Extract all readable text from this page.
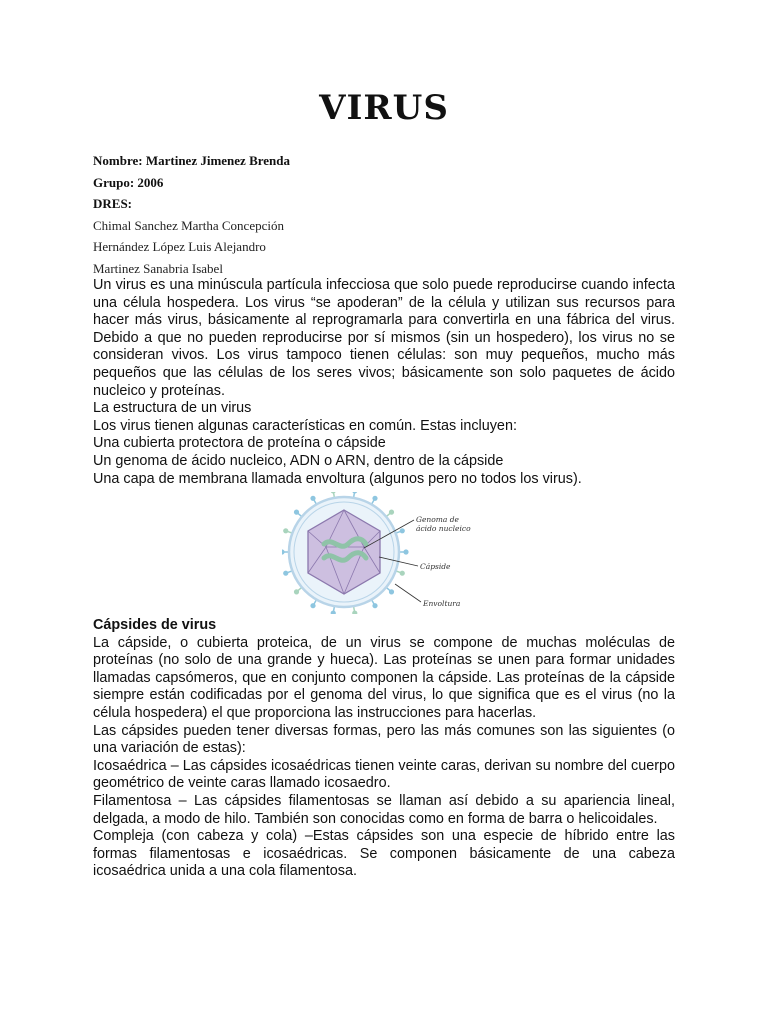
VIRUS
Nombre: Martinez Jimenez Brenda
Grupo: 2006
DRES:
Chimal Sanchez Martha Concepción
Hernández López Luis Alejandro
Martinez Sanabria Isabel

Un virus es una minúscula partícula infecciosa que solo puede reproducirse cuando infecta una célula hospedera. Los virus “se apoderan” de la célula y utilizan sus recursos para hacer más virus, básicamente al reprogramarla para convertirla en una fábrica del virus. Debido a que no pueden reproducirse por sí mismos (sin un hospedero), los virus no se consideran vivos. Los virus tampoco tienen células: son muy pequeños, mucho más pequeños que las células de los seres vivos; básicamente son solo paquetes de ácido nucleico y proteínas.

La estructura de un virus

Los virus tienen algunas características en común. Estas incluyen:

Una cubierta protectora de proteína o cápside

Un genoma de ácido nucleico, ADN o ARN, dentro de la cápside

Una capa de membrana llamada envoltura (algunos pero no todos los virus).

Genoma de
ácido nucleico
Cápside
Envoltura

Cápsides de virus

La cápside, o cubierta proteica, de un virus se compone de muchas moléculas de proteínas (no solo de una grande y hueca). Las proteínas se unen para formar unidades llamadas capsómeros, que en conjunto componen la cápside. Las proteínas de la cápside siempre están codificadas por el genoma del virus, lo que significa que es el virus (no la célula hospedera) el que proporciona las instrucciones para hacerlas.

Las cápsides pueden tener diversas formas, pero las más comunes son las siguientes (o una variación de estas):

Icosaédrica – Las cápsides icosaédricas tienen veinte caras, derivan su nombre del cuerpo geométrico de veinte caras llamado icosaedro.

Filamentosa – Las cápsides filamentosas se llaman así debido a su apariencia lineal, delgada, a modo de hilo. También son conocidas como en forma de barra o helicoidales.

Compleja (con cabeza y cola) –Estas cápsides son una especie de híbrido entre las formas filamentosas e icosaédricas. Se componen básicamente de una cabeza icosaédrica unida a una cola filamentosa.
